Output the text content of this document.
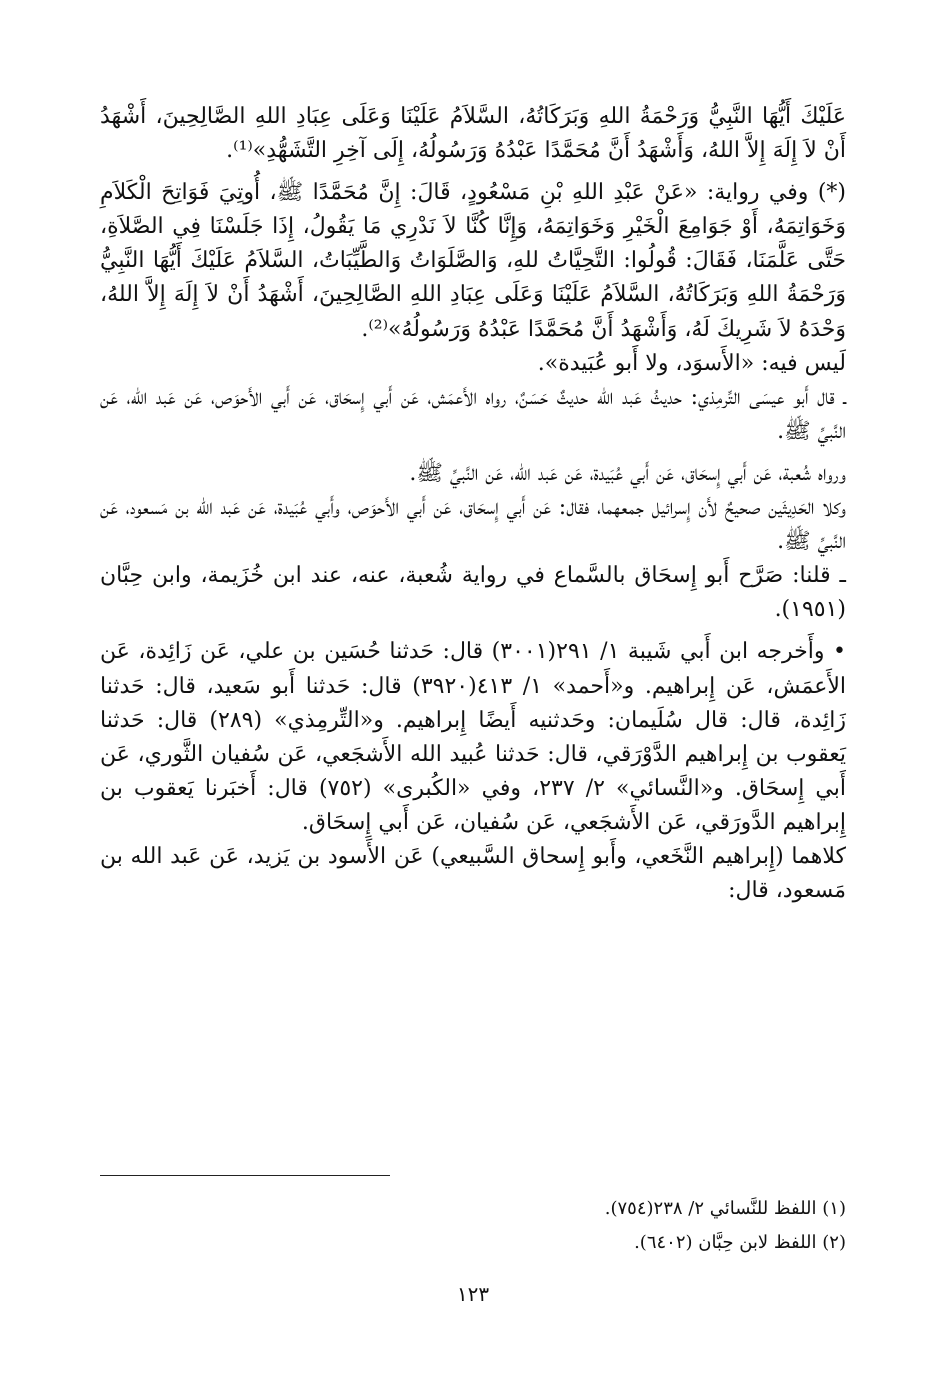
عَلَيْكَ أَيُّهَا النَّبِيُّ وَرَحْمَةُ اللهِ وَبَرَكَاتُهُ، السَّلاَمُ عَلَيْنَا وَعَلَى عِبَادِ اللهِ الصَّالِحِينَ، أَشْهَدُ أَنْ لاَ إِلَهَ إِلاَّ اللهُ، وَأَشْهَدُ أَنَّ مُحَمَّدًا عَبْدُهُ وَرَسُولُهُ، إِلَى آخِرِ التَّشَهُّدِ»⁽¹⁾.

(*) وفي رواية: «عَنْ عَبْدِ اللهِ بْنِ مَسْعُودٍ، قَالَ: إِنَّ مُحَمَّدًا ﷺ، أُوتِيَ فَوَاتِحَ الْكَلاَمِ وَخَوَاتِمَهُ، أَوْ جَوَامِعَ الْخَيْرِ وَخَوَاتِمَهُ، وَإِنَّا كُنَّا لاَ نَدْرِي مَا يَقُولُ، إِذَا جَلَسْنَا فِي الصَّلاَةِ، حَتَّى عَلَّمَنَا، فَقَالَ: قُولُوا: التَّحِيَّاتُ للهِ، وَالصَّلَوَاتُ وَالطَّيِّبَاتُ، السَّلاَمُ عَلَيْكَ أَيُّهَا النَّبِيُّ وَرَحْمَةُ اللهِ وَبَرَكَاتُهُ، السَّلاَمُ عَلَيْنَا وَعَلَى عِبَادِ اللهِ الصَّالِحِينَ، أَشْهَدُ أَنْ لاَ إِلَهَ إِلاَّ اللهُ، وَحْدَهُ لاَ شَرِيكَ لَهُ، وَأَشْهَدُ أَنَّ مُحَمَّدًا عَبْدُهُ وَرَسُولُهُ»⁽²⁾.

لَيس فيه: «الأَسوَد، ولا أَبو عُبَيدة».

ـ قال أَبو عيسَى التِّرمِذي: حديثُ عَبد الله حديثٌ حَسَنٌ، رواه الأَعمَش، عَن أَبي إِسحَاق، عَن أَبي الأَحوَص، عَن عَبد الله، عَن النَّبيِّ ﷺ.

ورواه شُعبة، عَن أَبي إِسحَاق، عَن أَبي عُبَيدة، عَن عَبد الله، عَن النَّبيِّ ﷺ.

وكلا الحَدِيثَين صحيحٌ لأَن إِسرائيل جمعهما، فقال: عَن أَبي إِسحَاق، عَن أَبي الأَحوَص، وأَبي عُبَيدة، عَن عَبد الله بن مَسعود، عَن النَّبيِّ ﷺ.

ـ قلنا: صَرَّح أَبو إِسحَاق بالسَّماع في رواية شُعبة، عنه، عند ابن خُزَيمة، وابن حِبَّان (١٩٥١).

• وأَخرجه ابن أَبي شَيبة ١/ ٢٩١(٣٠٠١) قال: حَدثنا حُسَين بن علي، عَن زَائِدة، عَن الأَعمَش، عَن إِبراهيم. و«أَحمد» ١/ ٤١٣(٣٩٢٠) قال: حَدثنا أَبو سَعيد، قال: حَدثنا زَائِدة، قال: قال سُلَيمان: وحَدثنيه أَيضًا إِبراهيم. و«التِّرمِذي» (٢٨٩) قال: حَدثنا يَعقوب بن إِبراهيم الدَّوْرَقي، قال: حَدثنا عُبيد الله الأَشجَعي، عَن سُفيان الثَّوري، عَن أَبي إِسحَاق. و«النَّسائي» ٢/ ٢٣٧، وفي «الكُبرى» (٧٥٢) قال: أَخبَرنا يَعقوب بن إِبراهيم الدَّورَقي، عَن الأَشجَعي، عَن سُفيان، عَن أَبي إِسحَاق.

كلاهما (إِبراهيم النَّخَعي، وأَبو إِسحاق السَّبيعي) عَن الأَسود بن يَزيد، عَن عَبد الله بن مَسعود، قال:

(١) اللفظ للنَّسائي ٢/ ٢٣٨(٧٥٤).

(٢) اللفظ لابن حِبَّان (٦٤٠٢).

١٢٣
